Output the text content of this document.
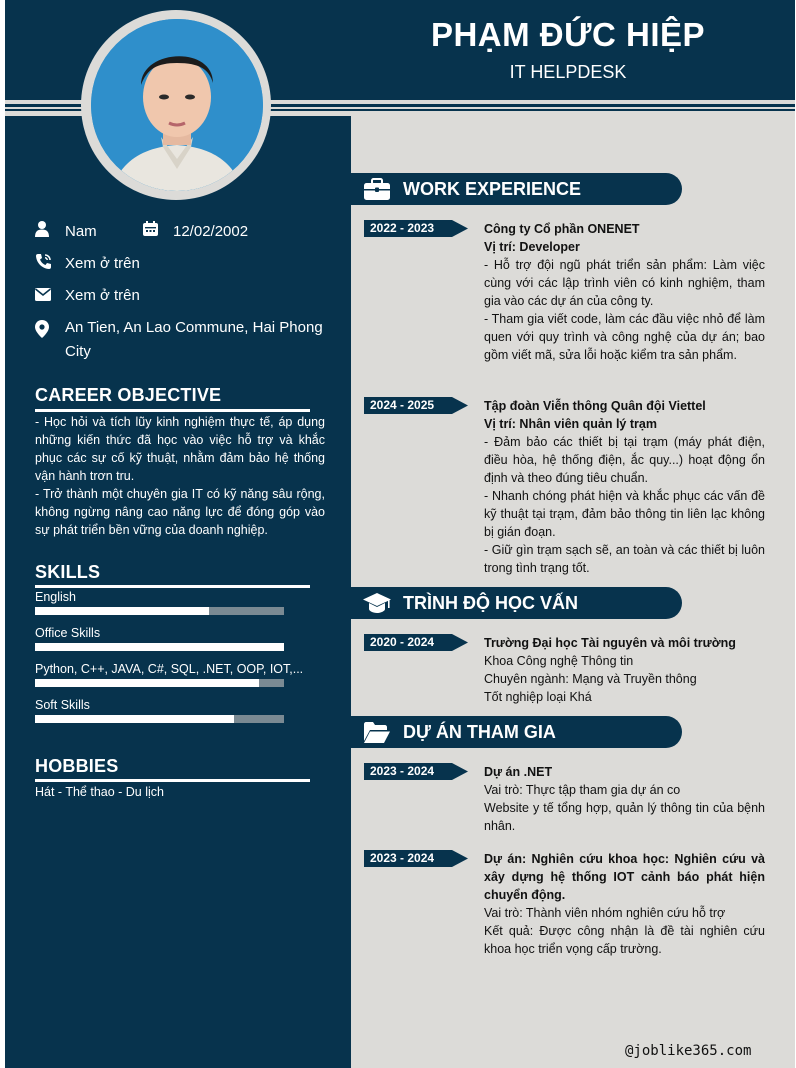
PHẠM ĐỨC HIỆP
IT HELPDESK
Nam	12/02/2002
Xem ở trên
Xem ở trên
An Tien, An Lao Commune, Hai Phong City
CAREER OBJECTIVE
- Học hỏi và tích lũy kinh nghiệm thực tế, áp dụng những kiến thức đã học vào việc hỗ trợ và khắc phục các sự cố kỹ thuật, nhằm đảm bảo hệ thống vận hành trơn tru.
- Trở thành một chuyên gia IT có kỹ năng sâu rộng, không ngừng nâng cao năng lực để đóng góp vào sự phát triển bền vững của doanh nghiệp.
SKILLS
English
Office Skills
Python, C++, JAVA, C#, SQL, .NET, OOP, IOT,...
Soft Skills
HOBBIES
Hát - Thể thao - Du lịch
WORK EXPERIENCE
2022 - 2023	Công ty Cổ phần ONENET
Vị trí: Developer
- Hỗ trợ đội ngũ phát triển sản phẩm: Làm việc cùng với các lập trình viên có kinh nghiệm, tham gia vào các dự án của công ty.
- Tham gia viết code, làm các đầu việc nhỏ để làm quen với quy trình và công nghệ của dự án; bao gồm viết mã, sửa lỗi hoặc kiểm tra sản phẩm.
2024 - 2025	Tập đoàn Viễn thông Quân đội Viettel
Vị trí: Nhân viên quản lý trạm
- Đảm bảo các thiết bị tại trạm (máy phát điện, điều hòa, hệ thống điện, ắc quy...) hoạt động ổn định và theo đúng tiêu chuẩn.
- Nhanh chóng phát hiện và khắc phục các vấn đề kỹ thuật tại trạm, đảm bảo thông tin liên lạc không bị gián đoạn.
- Giữ gìn trạm sạch sẽ, an toàn và các thiết bị luôn trong tình trạng tốt.
TRÌNH ĐỘ HỌC VẤN
2020 - 2024	Trường Đại học Tài nguyên và môi trường
Khoa Công nghệ Thông tin
Chuyên ngành: Mạng và Truyền thông
Tốt nghiệp loại Khá
DỰ ÁN THAM GIA
2023 - 2024	Dự án .NET
Vai trò: Thực tập tham gia dự án co
Website y tế tổng hợp, quản lý thông tin của bệnh nhân.
2023 - 2024	Dự án: Nghiên cứu khoa học: Nghiên cứu và xây dựng hệ thống IOT cảnh báo phát hiện chuyển động.
Vai trò: Thành viên nhóm nghiên cứu hỗ trợ
Kết quả: Được công nhận là đề tài nghiên cứu khoa học triển vọng cấp trường.
@joblike365.com
